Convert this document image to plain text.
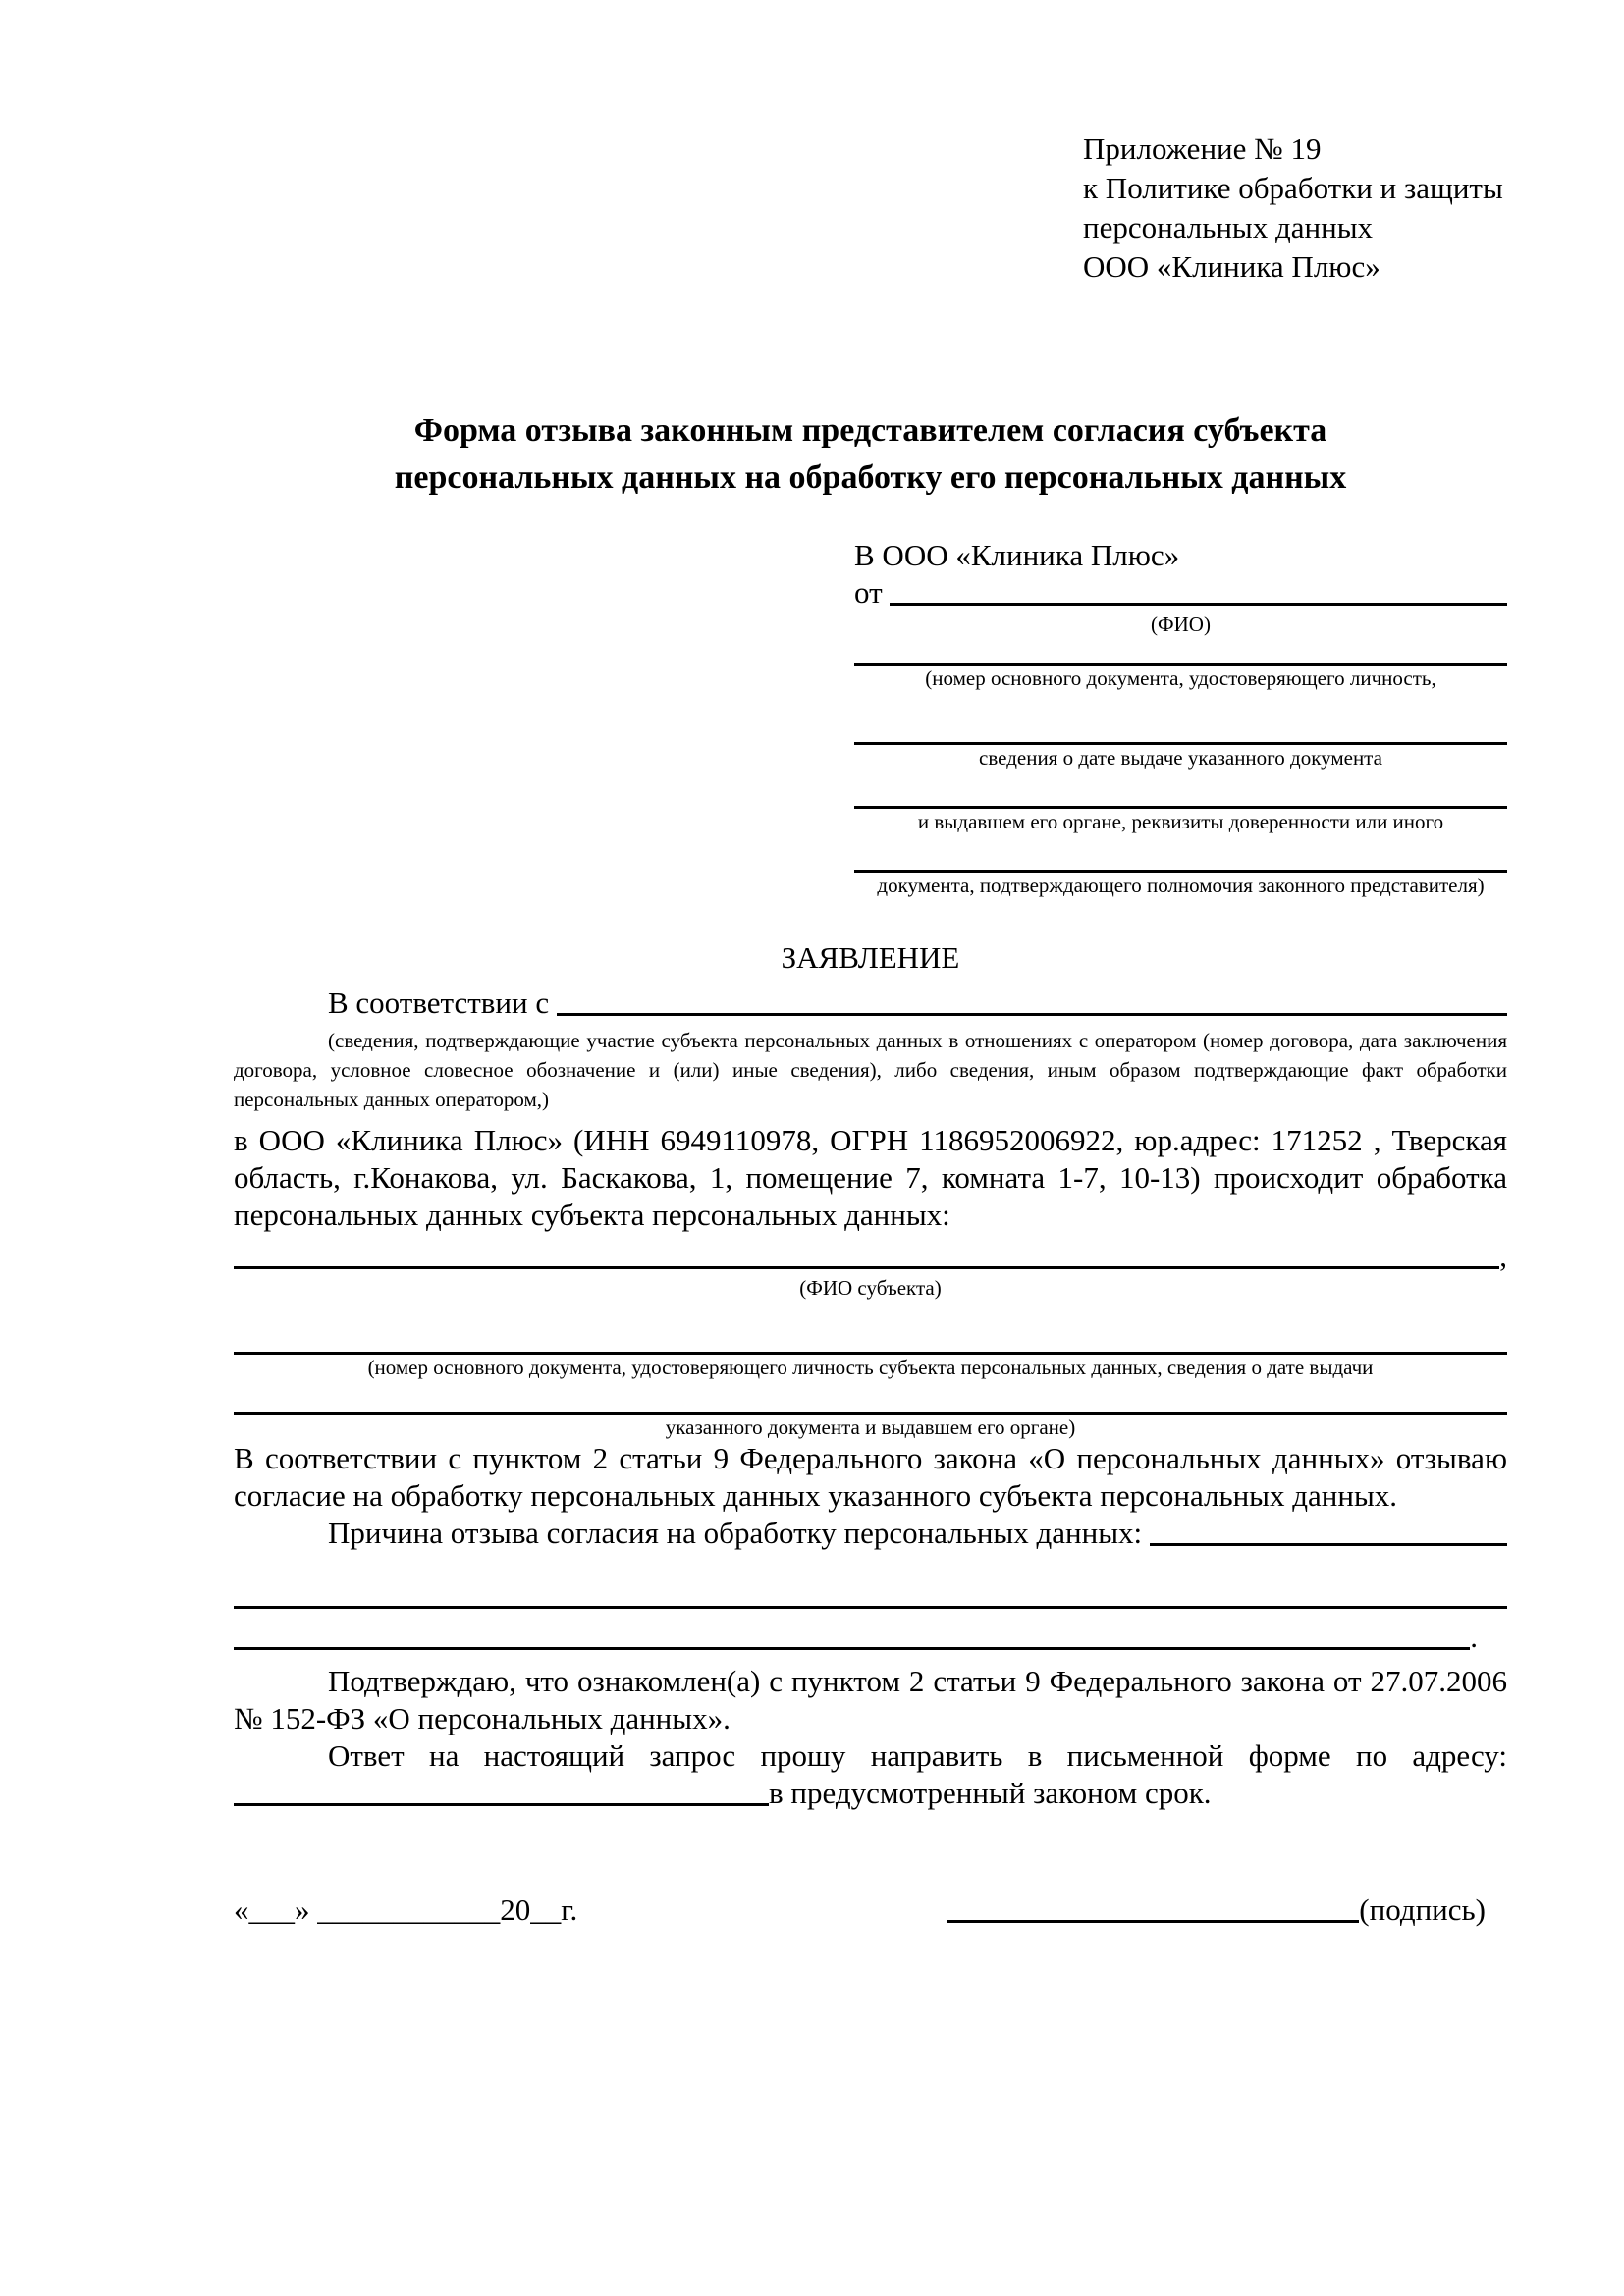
Приложение № 19
к Политике обработки и защиты
персональных данных
ООО «Клиника Плюс»
Форма отзыва законным представителем согласия субъекта персональных данных на обработку его персональных данных
В ООО «Клиника Плюс»
от

(ФИО)
(номер основного документа, удостоверяющего личность,
сведения о дате выдаче указанного документа
и выдавшем его органе, реквизиты доверенности или иного
документа, подтверждающего полномочия законного представителя)
ЗАЯВЛЕНИЕ
В соответствии с

(сведения, подтверждающие участие субъекта персональных данных в отношениях с оператором (номер договора, дата заключения договора, условное словесное обозначение и (или) иные сведения), либо сведения, иным образом подтверждающие факт обработки персональных данных оператором,)

в ООО «Клиника Плюс» (ИНН 6949110978, ОГРН 1186952006922, юр.адрес: 171252 , Тверская область, г.Конакова, ул. Баскакова, 1, помещение 7, комната 1-7, 10-13) происходит обработка персональных данных субъекта персональных данных:

,
(ФИО субъекта)
(номер основного документа, удостоверяющего личность субъекта персональных данных, сведения о дате выдачи
указанного документа и выдавшем его органе)

В соответствии с пунктом 2 статьи 9 Федерального закона «О персональных данных» отзываю согласие на обработку персональных данных указанного субъекта персональных данных.

Причина отзыва согласия на обработку персональных данных:

.

Подтверждаю, что ознакомлен(а) с пунктом 2 статьи 9 Федерального закона от 27.07.2006 № 152-ФЗ «О персональных данных».

Ответ на настоящий запрос прошу направить в письменной форме по адресу:

в предусмотренный законом срок.
«___» ____________20__г.	(подпись)
